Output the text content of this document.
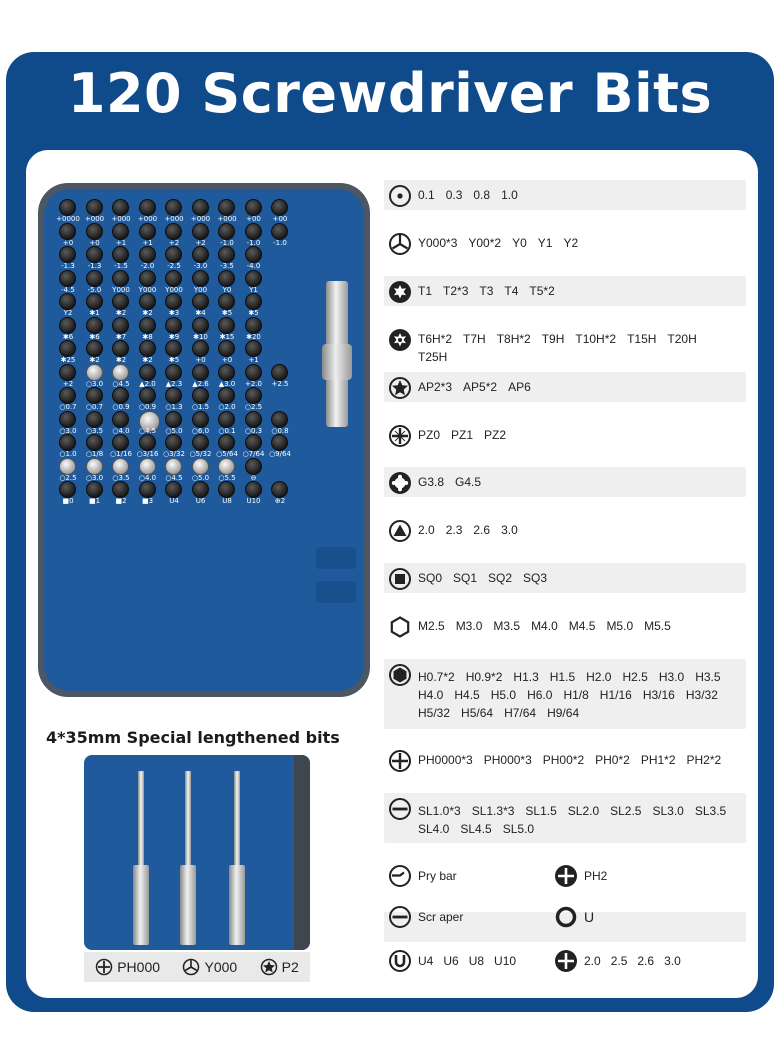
120 Screwdriver Bits
+0000 +000	+000	+000	+000	+000	+000	+00	+00
+0	+0	+1	+1	+2	+2	-1.0	-1.0	-1.0
-1.3	-1.3	-1.5	-2.0	-2.5	-3.0	-3.5	-4.0
-4.5	-5.0	Y000	Y000	Y000	Y00	Y0	Y1
Y2	✱1	✱2	✱2	✱3	✱4	✱5	✱5
✱6	✱6	✱7	✱8	✱9	✱10	✱15	✱20
✱25	✱2	✱2	✱2	✱5	+0	+0	+1
+2	○3.0	○4.5	▲2.0	▲2.3	▲2.6	▲3.0	+2.0	+2.5
○0.7	○0.7	○0.9	○0.9	○1.3	○1.5	○2.0	○2.5
○3.0	○3.5	○4.0	○4.5	○5.0	○6.0	○0.1	○0.3	○0.8
○1.0	○1/8 ○1/16 ○3/16 ○3/32 ○5/32 ○5/64 ○7/64 ○9/64
○2.5	○3.0	○3.5	○4.0	○4.5	○5.0	○5.5	⊖
■0	■1	■2	■3	U4	U6	U8	U10	⊕2
4*35mm Special lengthened bits
PH000	Y000	P2
0.1 0.3 0.8 1.0
Y000*3 Y00*2 Y0 Y1 Y2
T1 T2*3 T3 T4 T5*2
T6H*2 T7H T8H*2 T9H T10H*2 T15H T20H
T25H
AP2*3 AP5*2 AP6
PZ0 PZ1 PZ2
G3.8 G4.5
2.0 2.3 2.6 3.0
SQ0 SQ1 SQ2 SQ3
M2.5 M3.0 M3.5 M4.0 M4.5 M5.0 M5.5
H0.7*2 H0.9*2 H1.3 H1.5 H2.0 H2.5 H3.0 H3.5
H4.0 H4.5 H5.0 H6.0 H1/8 H1/16 H3/16 H3/32
H5/32 H5/64 H7/64 H9/64
PH0000*3 PH000*3 PH00*2 PH0*2 PH1*2 PH2*2
SL1.0*3 SL1.3*3 SL1.5 SL2.0 SL2.5 SL3.0 SL3.5
SL4.0 SL4.5 SL5.0
Pry bar	PH2
Scr aper	U
U4 U6 U8 U10	2.0 2.5 2.6 3.0
